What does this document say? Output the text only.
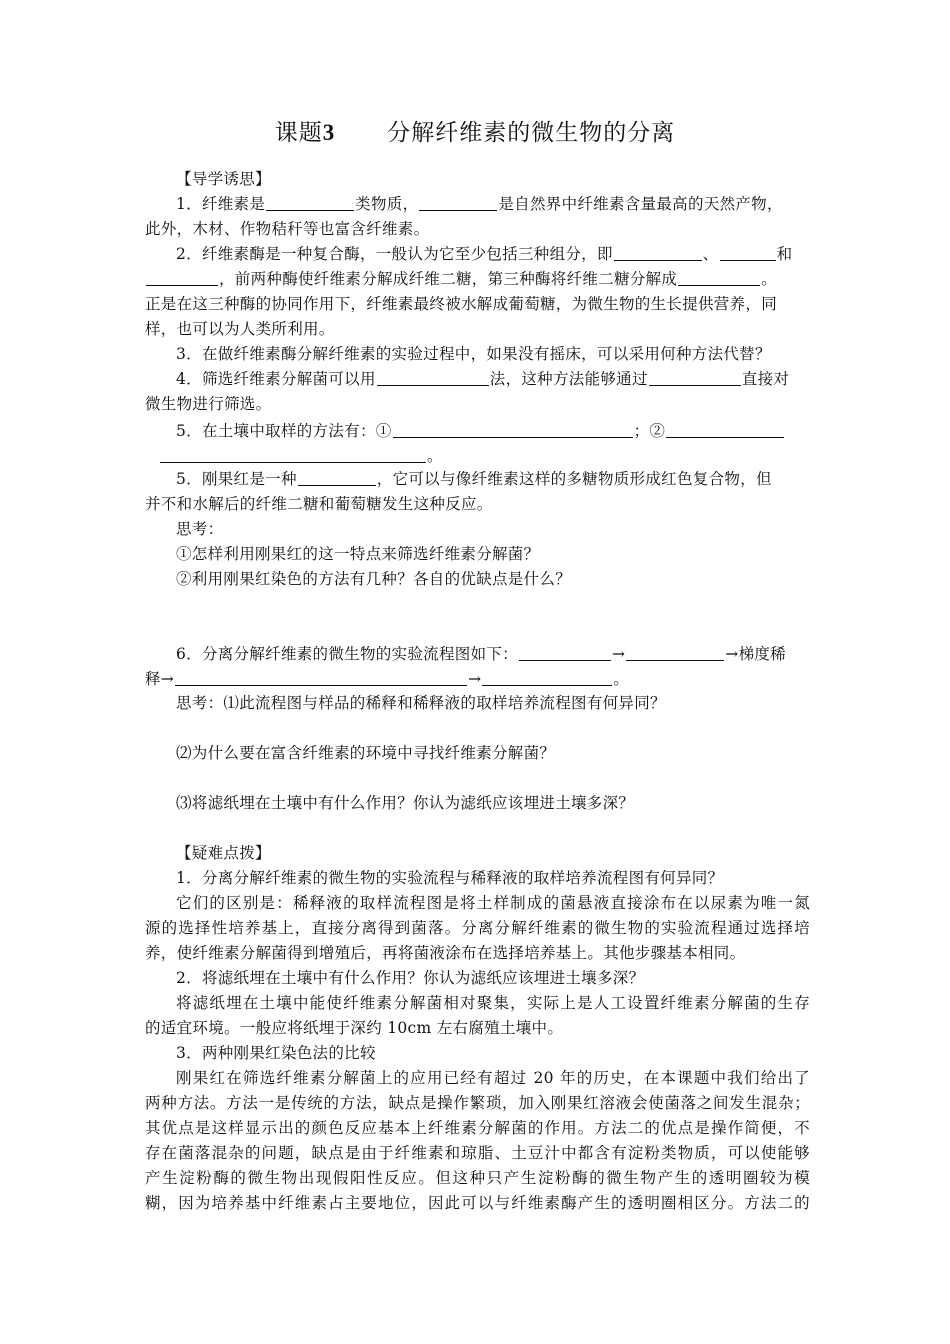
课题3 分解纤维素的微生物的分离
【导学诱思】
1．纤维素是	类物质，	是自然界中纤维素含量最高的天然产物，
此外，木材、作物秸秆等也富含纤维素。
2．纤维素酶是一种复合酶，一般认为它至少包括三种组分，即	、	和
，前两种酶使纤维素分解成纤维二糖，第三种酶将纤维二糖分解成	。
正是在这三种酶的协同作用下，纤维素最终被水解成葡萄糖，为微生物的生长提供营养，同
样，也可以为人类所利用。
3．在做纤维素酶分解纤维素的实验过程中，如果没有摇床，可以采用何种方法代替？
4．筛选纤维素分解菌可以用	法，这种方法能够通过	直接对
微生物进行筛选。
5．在土壤中取样的方法有：①	；②
。
5．刚果红是一种	，它可以与像纤维素这样的多糖物质形成红色复合物，但
并不和水解后的纤维二糖和葡萄糖发生这种反应。
思考：
①怎样利用刚果红的这一特点来筛选纤维素分解菌？
②利用刚果红染色的方法有几种？各自的优缺点是什么？
6．分离分解纤维素的微生物的实验流程图如下：	→	→梯度稀
释→	→	。
思考：⑴此流程图与样品的稀释和稀释液的取样培养流程图有何异同？
⑵为什么要在富含纤维素的环境中寻找纤维素分解菌？
⑶将滤纸埋在土壤中有什么作用？你认为滤纸应该埋进土壤多深？
【疑难点拨】
1．分离分解纤维素的微生物的实验流程与稀释液的取样培养流程图有何异同？
它们的区别是：稀释液的取样流程图是将土样制成的菌悬液直接涂布在以尿素为唯一氮
源的选择性培养基上，直接分离得到菌落。分离分解纤维素的微生物的实验流程通过选择培
养，使纤维素分解菌得到增殖后，再将菌液涂布在选择培养基上。其他步骤基本相同。
2．将滤纸埋在土壤中有什么作用？你认为滤纸应该埋进土壤多深？
将滤纸埋在土壤中能使纤维素分解菌相对聚集，实际上是人工设置纤维素分解菌的生存
的适宜环境。一般应将纸埋于深约 10cm 左右腐殖土壤中。
3．两种刚果红染色法的比较
刚果红在筛选纤维素分解菌上的应用已经有超过 20 年的历史，在本课题中我们给出了
两种方法。方法一是传统的方法，缺点是操作繁琐，加入刚果红溶液会使菌落之间发生混杂；
其优点是这样显示出的颜色反应基本上纤维素分解菌的作用。方法二的优点是操作简便，不
存在菌落混杂的问题，缺点是由于纤维素和琼脂、土豆汁中都含有淀粉类物质，可以使能够
产生淀粉酶的微生物出现假阳性反应。但这种只产生淀粉酶的微生物产生的透明圈较为模
糊，因为培养基中纤维素占主要地位，因此可以与纤维素酶产生的透明圈相区分。方法二的
